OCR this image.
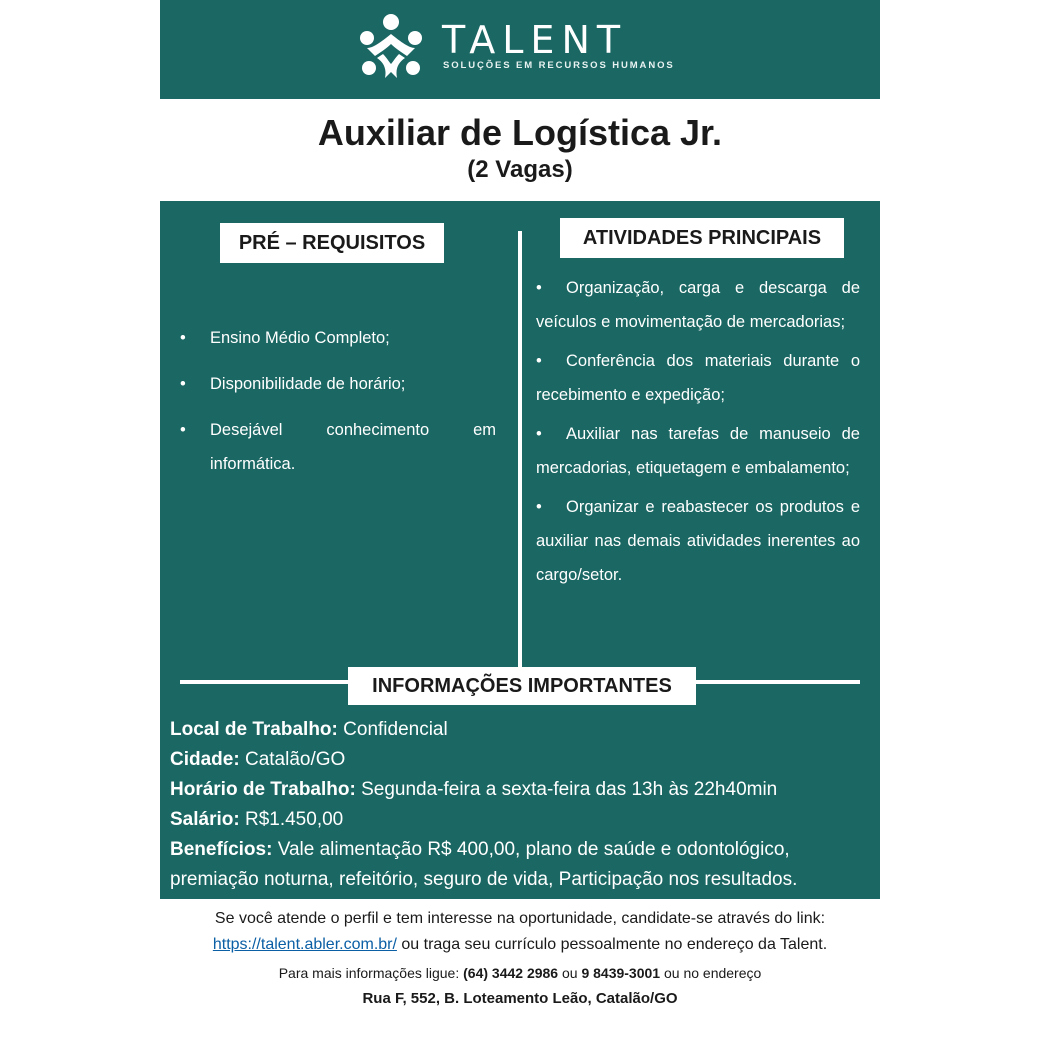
TALENT
SOLUÇÕES EM RECURSOS HUMANOS
Auxiliar de Logística Jr.
(2 Vagas)
PRÉ – REQUISITOS	ATIVIDADES PRINCIPAIS
• Ensino Médio Completo;
• Disponibilidade de horário;
• Desejável conhecimento em informática.
• Organização, carga e descarga de veículos e movimentação de mercadorias;
• Conferência dos materiais durante o recebimento e expedição;
• Auxiliar nas tarefas de manuseio de mercadorias, etiquetagem e embalamento;
• Organizar e reabastecer os produtos e auxiliar nas demais atividades inerentes ao cargo/setor.
INFORMAÇÕES IMPORTANTES
Local de Trabalho: Confidencial
Cidade: Catalão/GO
Horário de Trabalho: Segunda-feira a sexta-feira das 13h às 22h40min
Salário: R$1.450,00
Benefícios: Vale alimentação R$ 400,00, plano de saúde e odontológico, premiação noturna, refeitório, seguro de vida, Participação nos resultados.
Se você atende o perfil e tem interesse na oportunidade, candidate-se através do link: https://talent.abler.com.br/ ou traga seu currículo pessoalmente no endereço da Talent.
Para mais informações ligue: (64) 3442 2986 ou 9 8439-3001 ou no endereço
Rua F, 552, B. Loteamento Leão, Catalão/GO
